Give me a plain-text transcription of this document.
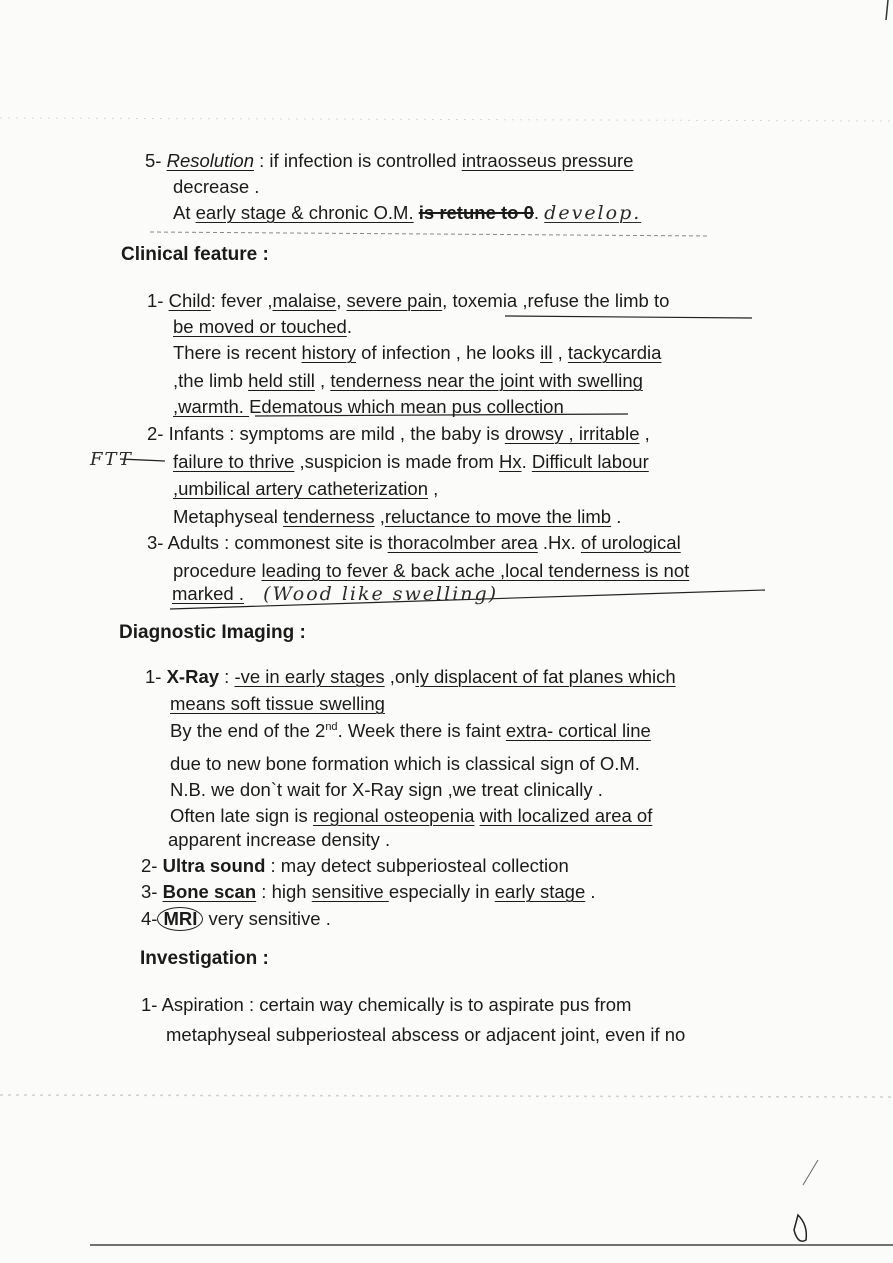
5- Resolution : if infection is controlled intraosseus pressure
decrease .
At early stage & chronic O.M. is retune to 0. develop.
Clinical feature :
1- Child: fever ,malaise, severe pain, toxemia ,refuse the limb to
be moved or touched.
There is recent history of infection , he looks ill , tackycardia
,the limb held still , tenderness near the joint with swelling
,warmth. Edematous which mean pus collection
2- Infants : symptoms are mild , the baby is drowsy , irritable ,
FTT failure to thrive ,suspicion is made from Hx. Difficult labour
,umbilical artery catheterization ,
Metaphyseal tenderness ,reluctance to move the limb .
3- Adults : commonest site is thoracolmber area .Hx. of urological
procedure leading to fever & back ache ,local tenderness is not
marked . (Wood like swelling)
Diagnostic Imaging :
1- X-Ray : -ve in early stages ,only displacent of fat planes which
means soft tissue swelling
By the end of the 2nd. Week there is faint extra- cortical line
due to new bone formation which is classical sign of O.M.
N.B. we don`t wait for X-Ray sign ,we treat clinically .
Often late sign is regional osteopenia with localized area of
apparent increase density .
2- Ultra sound : may detect subperiosteal collection
3- Bone scan : high sensitive especially in early stage .
4- MRI very sensitive .
Investigation :
1- Aspiration : certain way chemically is to aspirate pus from
metaphyseal subperiosteal abscess or adjacent joint, even if no
